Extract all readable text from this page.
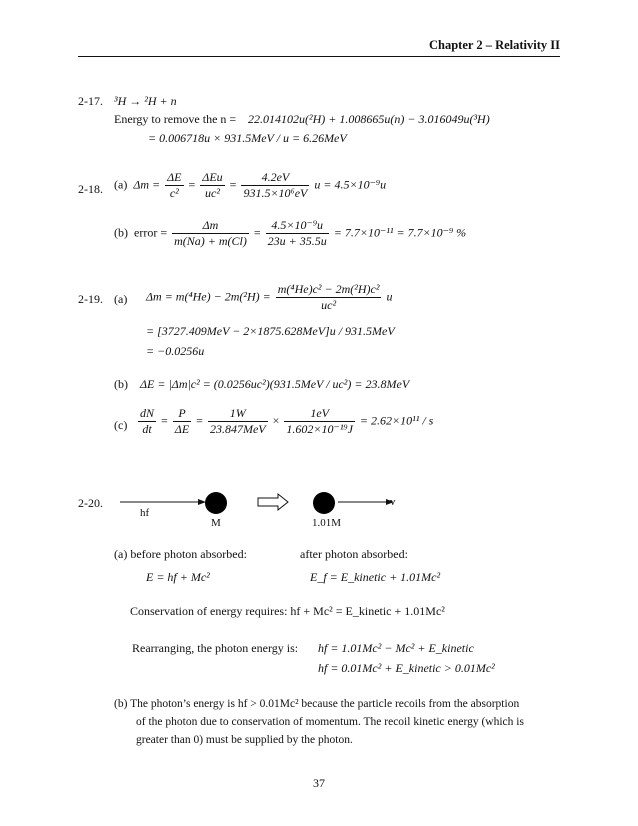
Chapter 2 – Relativity II
2-17. ³H → ²H + n
Energy to remove the n = 22.014102u(²H) + 1.008665u(n) − 3.016049u(³H)
= 0.006718u × 931.5MeV / u = 6.26MeV
2-18. (a) $\Delta m = \frac{\Delta E}{\text{c²}} = \frac{\text{ΔEu}}{\text{uc²}} = \frac{4.2eV}{\text{931.5×10⁶eV}}$ u = 4.5×10⁻⁹u
(b) error = $\frac{\Delta m}{m(Na) + m(Cl)} = \frac{\text{4.5×10⁻⁹u}}{23u + 35.5u} = 7.7\times 10^{-11} = 7.7\times 10^{-9}$ %
2-19. (a) $\Delta m = m(^4He) - 2m(^2H) = \frac{\text{m(⁴He)c² − 2m(²H)c²}}{\text{uc²}}$ u
= [3727.409MeV − 2×1875.628MeV]u / 931.5MeV
= −0.0256u
(b) ΔE = |Δm|c² = (0.0256uc²)(931.5MeV / uc²) = 23.8MeV
$(c) \frac{dN}{dt} = \frac{P}{\Delta E} = \frac{1W}{\text{23.847MeV}} \times \frac{1eV}{\text{1.602×10⁻¹⁹J}} = 2.62\times 10^{11} / s$
2-20.
hf
M	1.01M
v
(a) before photon absorbed:	after photon absorbed:
E = hf + Mc²	E_f = E_kinetic + 1.01Mc²
Conservation of energy requires: hf + Mc² = E_kinetic + 1.01Mc²
Rearranging, the photon energy is: hf = 1.01Mc² − Mc² + E_kinetic
hf = 0.01Mc² + E_kinetic > 0.01Mc²
(b) The photon’s energy is hf > 0.01Mc² because the particle recoils from the absorption
of the photon due to conservation of momentum. The recoil kinetic energy (which is
greater than 0) must be supplied by the photon.
37
